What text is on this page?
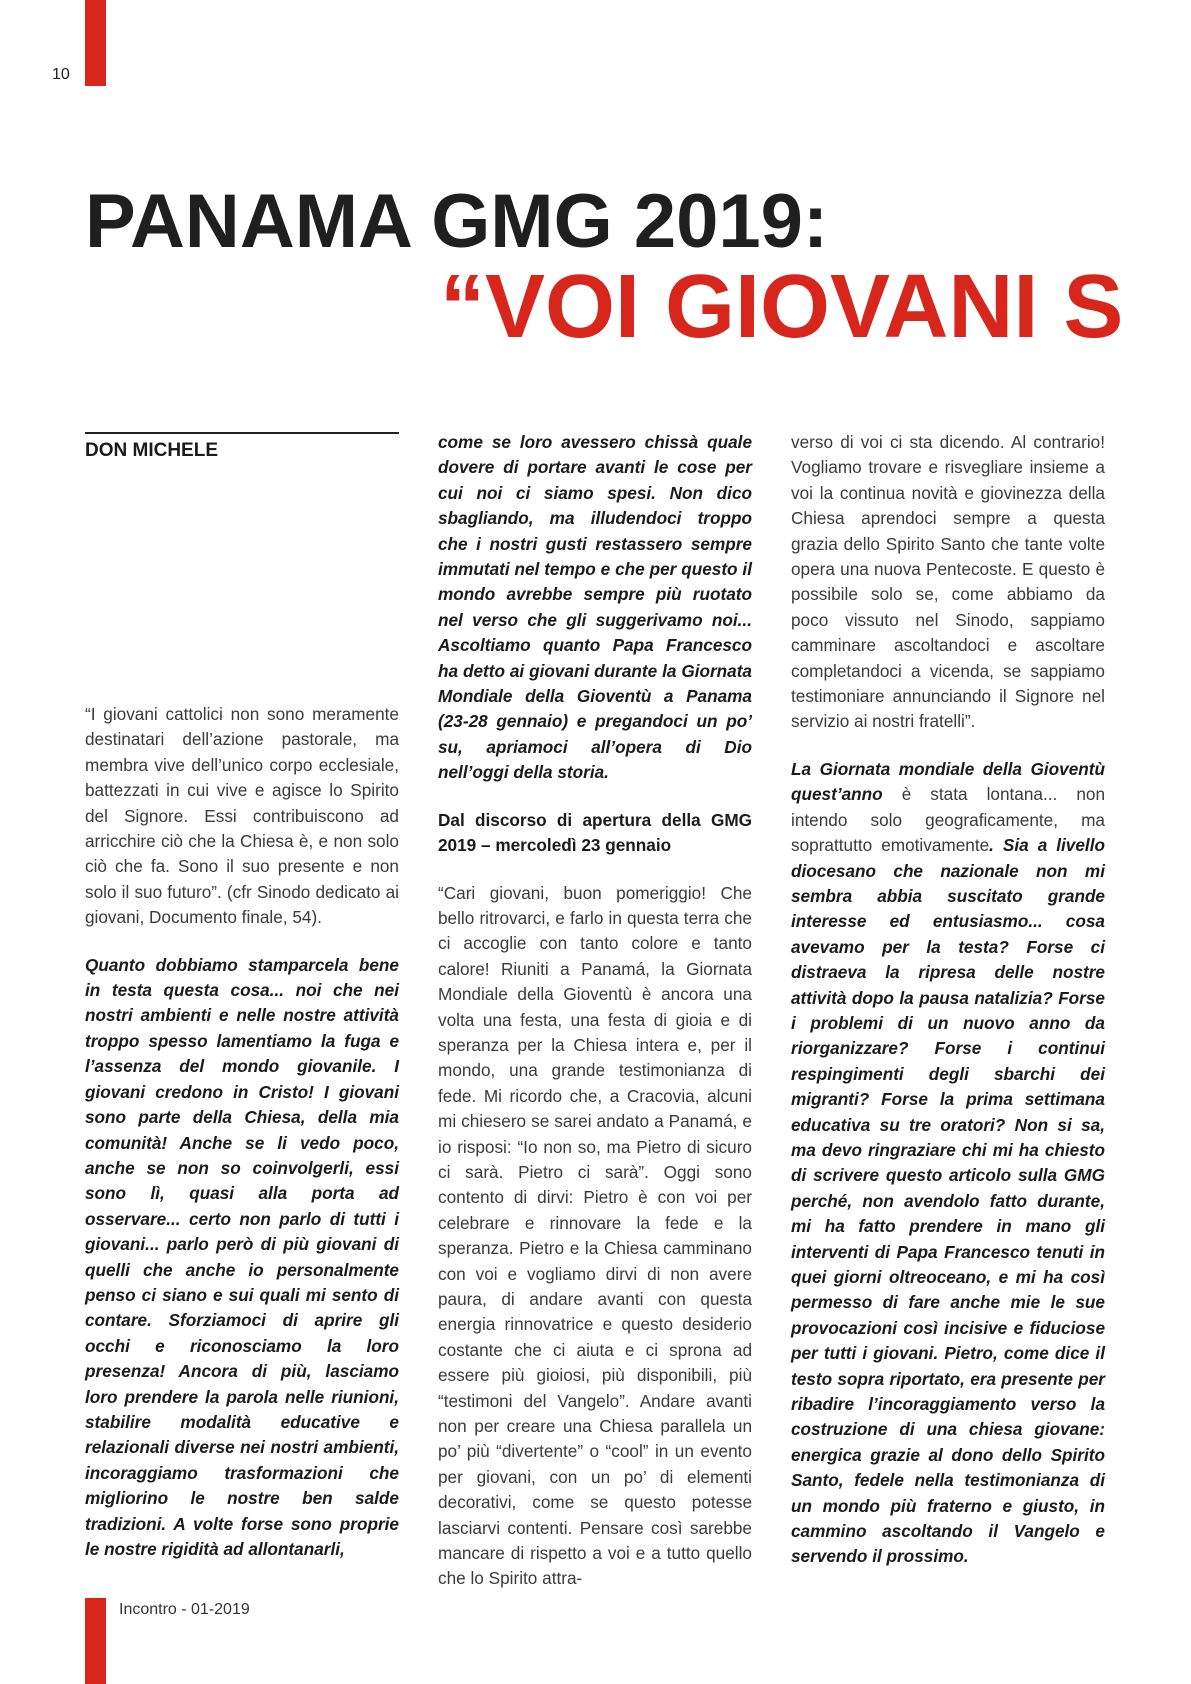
10
PANAMA GMG 2019:
“VOI GIOVANI S

DON MICHELE

“I giovani cattolici non sono meramente destinatari dell’azione pastorale, ma membra vive dell’unico corpo ecclesiale, battezzati in cui vive e agisce lo Spirito del Signore. Essi contribuiscono ad arricchire ciò che la Chiesa è, e non solo ciò che fa. Sono il suo presente e non solo il suo futuro”. (cfr Sinodo dedicato ai giovani, Documento finale, 54).

Quanto dobbiamo stamparcela bene in testa questa cosa... noi che nei nostri ambienti e nelle nostre attività troppo spesso lamentiamo la fuga e l’assenza del mondo giovanile. I giovani credono in Cristo! I giovani sono parte della Chiesa, della mia comunità! Anche se li vedo poco, anche se non so coinvolgerli, essi sono lì, quasi alla porta ad osservare... certo non parlo di tutti i giovani... parlo però di più giovani di quelli che anche io personalmente penso ci siano e sui quali mi sento di contare. Sforziamoci di aprire gli occhi e riconosciamo la loro presenza! Ancora di più, lasciamo loro prendere la parola nelle riunioni, stabilire modalità educative e relazionali diverse nei nostri ambienti, incoraggiamo trasformazioni che migliorino le nostre ben salde tradizioni. A volte forse sono proprie le nostre rigidità ad allontanarli,

come se loro avessero chissà quale dovere di portare avanti le cose per cui noi ci siamo spesi. Non dico sbagliando, ma illudendoci troppo che i nostri gusti restassero sempre immutati nel tempo e che per questo il mondo avrebbe sempre più ruotato nel verso che gli suggerivamo noi... Ascoltiamo quanto Papa Francesco ha detto ai giovani durante la Giornata Mondiale della Gioventù a Panama (23-28 gennaio) e pregandoci un po’ su, apriamoci all’opera di Dio nell’oggi della storia.

Dal discorso di apertura della GMG 2019 – mercoledì 23 gennaio

“Cari giovani, buon pomeriggio! Che bello ritrovarci, e farlo in questa terra che ci accoglie con tanto colore e tanto calore! Riuniti a Panamá, la Giornata Mondiale della Gioventù è ancora una volta una festa, una festa di gioia e di speranza per la Chiesa intera e, per il mondo, una grande testimonianza di fede. Mi ricordo che, a Cracovia, alcuni mi chiesero se sarei andato a Panamá, e io risposi: “Io non so, ma Pietro di sicuro ci sarà. Pietro ci sarà”. Oggi sono contento di dirvi: Pietro è con voi per celebrare e rinnovare la fede e la speranza. Pietro e la Chiesa camminano con voi e vogliamo dirvi di non avere paura, di andare avanti con questa energia rinnovatrice e questo desiderio costante che ci aiuta e ci sprona ad essere più gioiosi, più disponibili, più “testimoni del Vangelo”. Andare avanti non per creare una Chiesa parallela un po’ più “divertente” o “cool” in un evento per giovani, con un po’ di elementi decorativi, come se questo potesse lasciarvi contenti. Pensare così sarebbe mancare di rispetto a voi e a tutto quello che lo Spirito attra-

verso di voi ci sta dicendo. Al contrario! Vogliamo trovare e risvegliare insieme a voi la continua novità e giovinezza della Chiesa aprendoci sempre a questa grazia dello Spirito Santo che tante volte opera una nuova Pentecoste. E questo è possibile solo se, come abbiamo da poco vissuto nel Sinodo, sappiamo camminare ascoltandoci e ascoltare completandoci a vicenda, se sappiamo testimoniare annunciando il Signore nel servizio ai nostri fratelli”.

La Giornata mondiale della Gioventù quest’anno è stata lontana... non intendo solo geograficamente, ma soprattutto emotivamente. Sia a livello diocesano che nazionale non mi sembra abbia suscitato grande interesse ed entusiasmo... cosa avevamo per la testa? Forse ci distraeva la ripresa delle nostre attività dopo la pausa natalizia? Forse i problemi di un nuovo anno da riorganizzare? Forse i continui respingimenti degli sbarchi dei migranti? Forse la prima settimana educativa su tre oratori? Non si sa, ma devo ringraziare chi mi ha chiesto di scrivere questo articolo sulla GMG perché, non avendolo fatto durante, mi ha fatto prendere in mano gli interventi di Papa Francesco tenuti in quei giorni oltreoceano, e mi ha così permesso di fare anche mie le sue provocazioni così incisive e fiduciose per tutti i giovani. Pietro, come dice il testo sopra riportato, era presente per ribadire l’incoraggiamento verso la costruzione di una chiesa giovane: energica grazie al dono dello Spirito Santo, fedele nella testimonianza di un mondo più fraterno e giusto, in cammino ascoltando il Vangelo e servendo il prossimo.

Incontro - 01-2019
